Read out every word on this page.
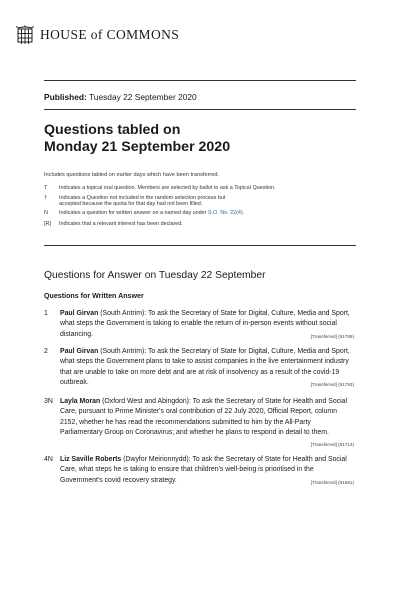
HOUSE of COMMONS
Published: Tuesday 22 September 2020
Questions tabled on
Monday 21 September 2020
Includes questions tabled on earlier days which have been transferred.
T	Indicates a topical oral question. Members are selected by ballot to ask a Topical Question.
†	Indicates a Question not included in the random selection process but
accepted because the quota for that day had not been filled.
N	Indicates a question for written answer on a named day under S.O. No. 22(4).
[R]	Indicates that a relevant interest has been declared.
Questions for Answer on Tuesday 22 September
Questions for Written Answer
1	Paul Girvan (South Antrim): To ask the Secretary of State for Digital, Culture, Media and Sport, what steps the Government is taking to enable the return of in-person events without social distancing.	[Transferred] (91789)
2	Paul Girvan (South Antrim): To ask the Secretary of State for Digital, Culture, Media and Sport, what steps the Government plans to take to assist companies in the live entertainment industry that are unable to take on more debt and are at risk of insolvency as a result of the covid-19 outbreak.	[Transferred] (91793)
3N	Layla Moran (Oxford West and Abingdon): To ask the Secretary of State for Health and Social Care, pursuant to Prime Minister's oral contribution of 22 July 2020, Official Report, column 2152, whether he has read the recommendations submitted to him by the All-Party Parliamentary Group on Coronavirus; and whether he plans to respond in detail to them.
[Transferred] (91713)
4N	Liz Saville Roberts (Dwyfor Meirionnydd): To ask the Secretary of State for Health and Social Care, what steps he is taking to ensure that children's well-being is prioritised in the Government's covid recovery strategy.	[Transferred] (91691)
